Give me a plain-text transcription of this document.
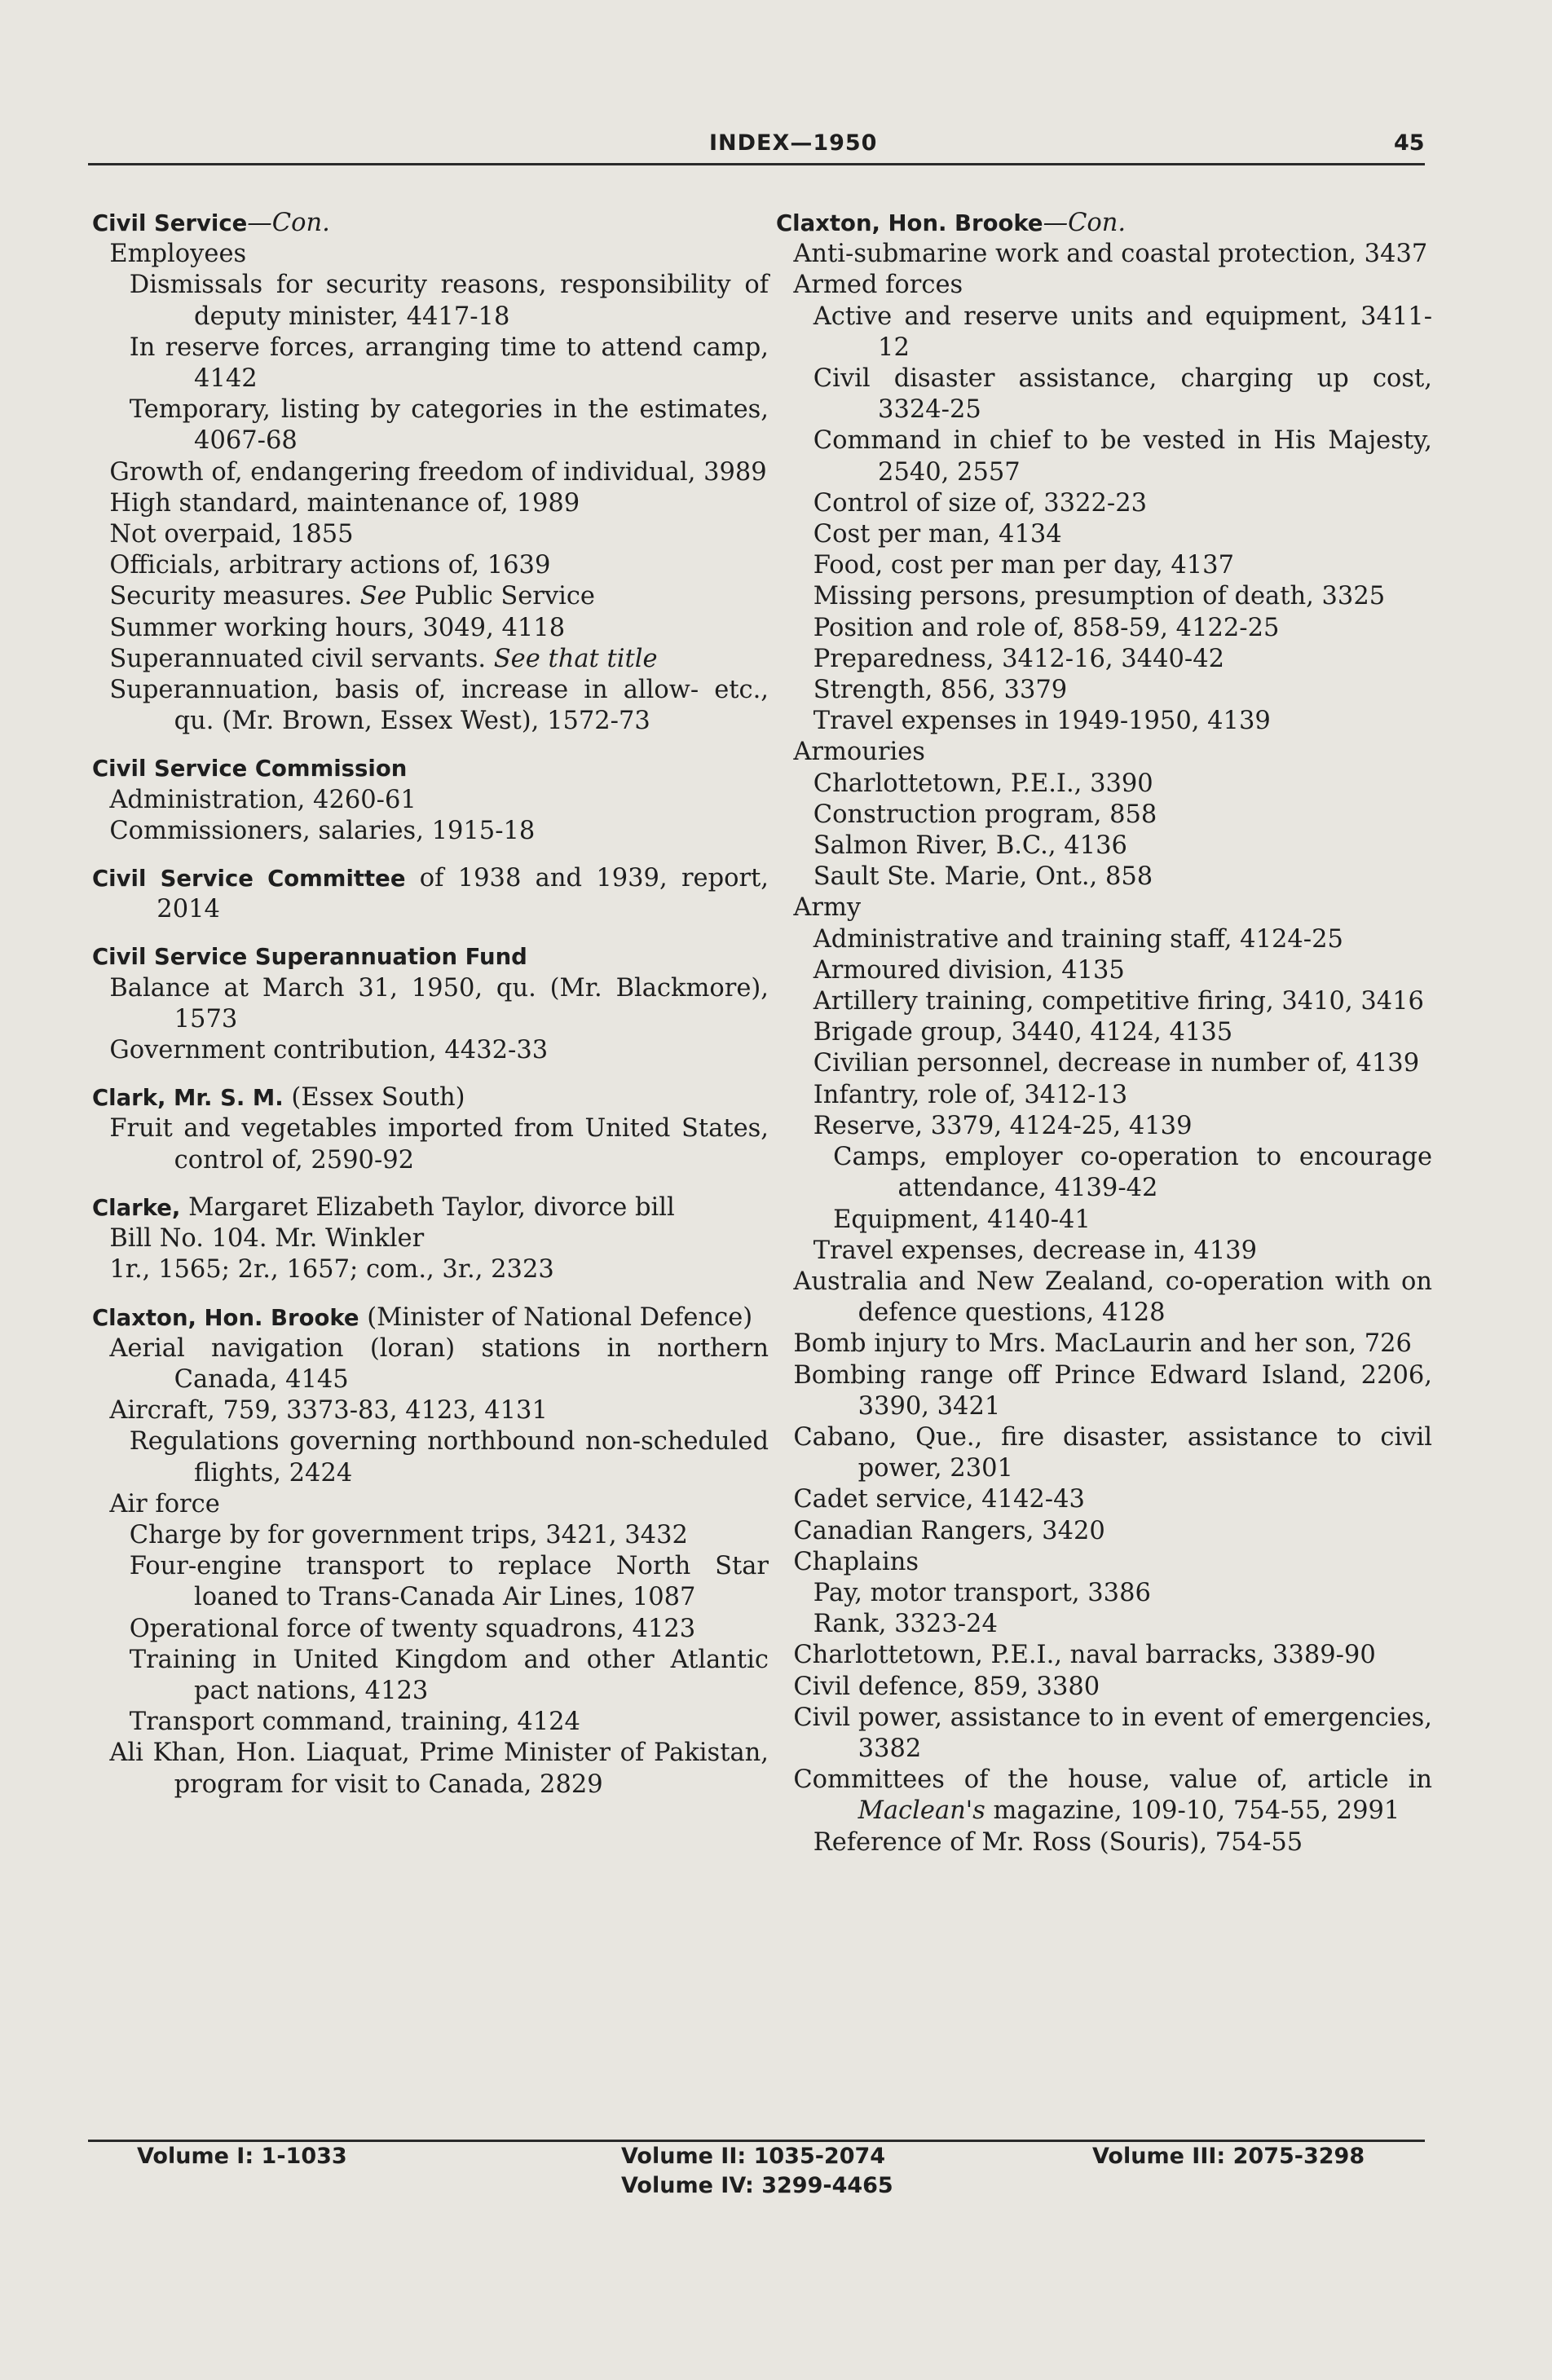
INDEX—1950	45
Civil Service—Con.
Employees
Dismissals for security reasons, responsibility of deputy minister, 4417-18
In reserve forces, arranging time to attend camp, 4142
Temporary, listing by categories in the estimates, 4067-68
Growth of, endangering freedom of individual, 3989
High standard, maintenance of, 1989
Not overpaid, 1855
Officials, arbitrary actions of, 1639
Security measures. See Public Service
Summer working hours, 3049, 4118
Superannuated civil servants. See that title
Superannuation, basis of, increase in allow- etc., qu. (Mr. Brown, Essex West), 1572-73
Civil Service Commission
Administration, 4260-61
Commissioners, salaries, 1915-18
Civil Service Committee of 1938 and 1939, report, 2014
Civil Service Superannuation Fund
Balance at March 31, 1950, qu. (Mr. Blackmore), 1573
Government contribution, 4432-33
Clark, Mr. S. M. (Essex South)
Fruit and vegetables imported from United States, control of, 2590-92
Clarke, Margaret Elizabeth Taylor, divorce bill
Bill No. 104. Mr. Winkler
1r., 1565; 2r., 1657; com., 3r., 2323
Claxton, Hon. Brooke (Minister of National Defence)
Aerial navigation (loran) stations in northern Canada, 4145
Aircraft, 759, 3373-83, 4123, 4131
Regulations governing northbound non-scheduled flights, 2424
Air force
Charge by for government trips, 3421, 3432
Four-engine transport to replace North Star loaned to Trans-Canada Air Lines, 1087
Operational force of twenty squadrons, 4123
Training in United Kingdom and other Atlantic pact nations, 4123
Transport command, training, 4124
Ali Khan, Hon. Liaquat, Prime Minister of Pakistan, program for visit to Canada, 2829
Claxton, Hon. Brooke—Con.
Anti-submarine work and coastal protection, 3437
Armed forces
Active and reserve units and equipment, 3411-12
Civil disaster assistance, charging up cost, 3324-25
Command in chief to be vested in His Majesty, 2540, 2557
Control of size of, 3322-23
Cost per man, 4134
Food, cost per man per day, 4137
Missing persons, presumption of death, 3325
Position and role of, 858-59, 4122-25
Preparedness, 3412-16, 3440-42
Strength, 856, 3379
Travel expenses in 1949-1950, 4139
Armouries
Charlottetown, P.E.I., 3390
Construction program, 858
Salmon River, B.C., 4136
Sault Ste. Marie, Ont., 858
Army
Administrative and training staff, 4124-25
Armoured division, 4135
Artillery training, competitive firing, 3410, 3416
Brigade group, 3440, 4124, 4135
Civilian personnel, decrease in number of, 4139
Infantry, role of, 3412-13
Reserve, 3379, 4124-25, 4139
Camps, employer co-operation to encourage attendance, 4139-42
Equipment, 4140-41
Travel expenses, decrease in, 4139
Australia and New Zealand, co-operation with on defence questions, 4128
Bomb injury to Mrs. MacLaurin and her son, 726
Bombing range off Prince Edward Island, 2206, 3390, 3421
Cabano, Que., fire disaster, assistance to civil power, 2301
Cadet service, 4142-43
Canadian Rangers, 3420
Chaplains
Pay, motor transport, 3386
Rank, 3323-24
Charlottetown, P.E.I., naval barracks, 3389-90
Civil defence, 859, 3380
Civil power, assistance to in event of emergencies, 3382
Committees of the house, value of, article in Maclean's magazine, 109-10, 754-55, 2991
Reference of Mr. Ross (Souris), 754-55
Volume I: 1-1033	Volume II: 1035-2074	Volume III: 2075-3298
Volume IV: 3299-4465
